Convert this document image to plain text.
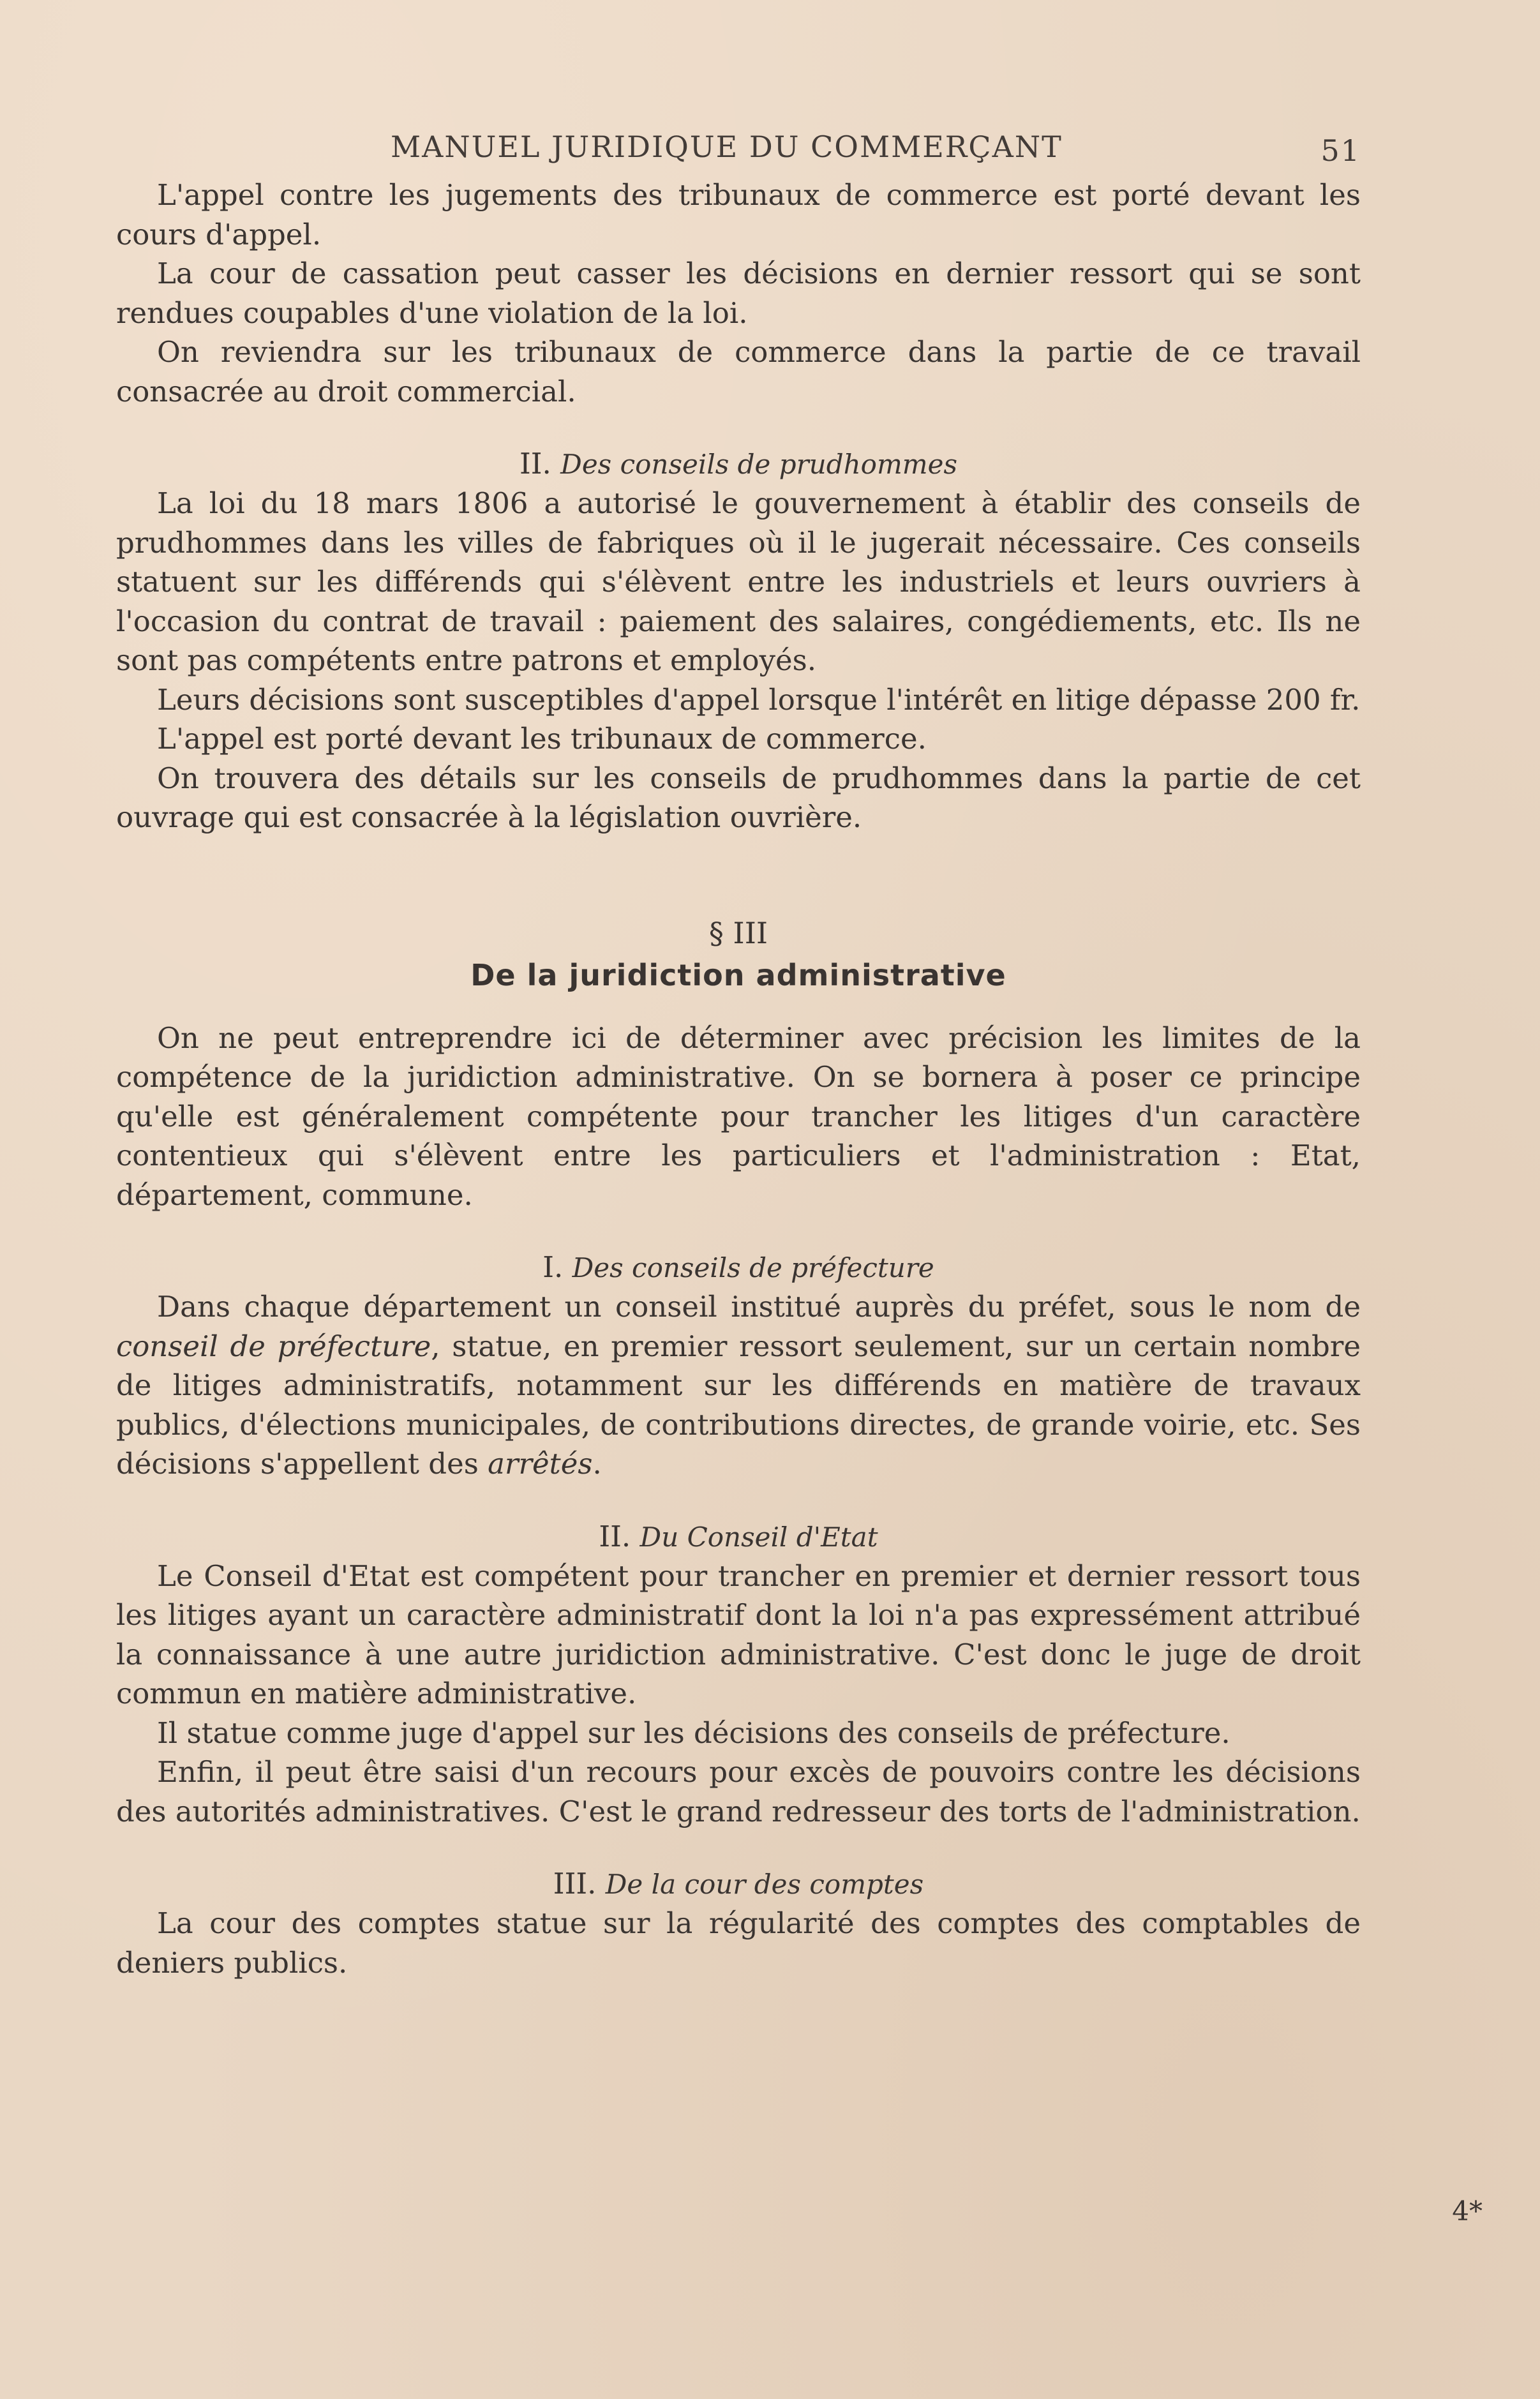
MANUEL JURIDIQUE DU COMMERÇANT	51

L'appel contre les jugements des tribunaux de commerce est porté devant les cours d'appel.

La cour de cassation peut casser les décisions en dernier ressort qui se sont rendues coupables d'une violation de la loi.

On reviendra sur les tribunaux de commerce dans la partie de ce travail consacrée au droit commercial.

II. Des conseils de prudhommes

La loi du 18 mars 1806 a autorisé le gouvernement à établir des conseils de prudhommes dans les villes de fabriques où il le jugerait nécessaire. Ces conseils statuent sur les différends qui s'élèvent entre les industriels et leurs ouvriers à l'occasion du contrat de travail : paiement des salaires, congédiements, etc. Ils ne sont pas compétents entre patrons et employés.

Leurs décisions sont susceptibles d'appel lorsque l'intérêt en litige dépasse 200 fr.

L'appel est porté devant les tribunaux de commerce.

On trouvera des détails sur les conseils de prudhommes dans la partie de cet ouvrage qui est consacrée à la législation ouvrière.

§ III
De la juridiction administrative

On ne peut entreprendre ici de déterminer avec précision les limites de la compétence de la juridiction administrative. On se bornera à poser ce principe qu'elle est généralement compétente pour trancher les litiges d'un caractère contentieux qui s'élèvent entre les particuliers et l'administration : Etat, département, commune.

I. Des conseils de préfecture

Dans chaque département un conseil institué auprès du préfet, sous le nom de conseil de préfecture, statue, en premier ressort seulement, sur un certain nombre de litiges administratifs, notamment sur les différends en matière de travaux publics, d'élections municipales, de contributions directes, de grande voirie, etc. Ses décisions s'appellent des arrêtés.

II. Du Conseil d'Etat

Le Conseil d'Etat est compétent pour trancher en premier et dernier ressort tous les litiges ayant un caractère administratif dont la loi n'a pas expressément attribué la connaissance à une autre juridiction administrative. C'est donc le juge de droit commun en matière administrative.

Il statue comme juge d'appel sur les décisions des conseils de préfecture.

Enfin, il peut être saisi d'un recours pour excès de pouvoirs contre les décisions des autorités administratives. C'est le grand redresseur des torts de l'administration.

III. De la cour des comptes

La cour des comptes statue sur la régularité des comptes des comptables de deniers publics.

4*
